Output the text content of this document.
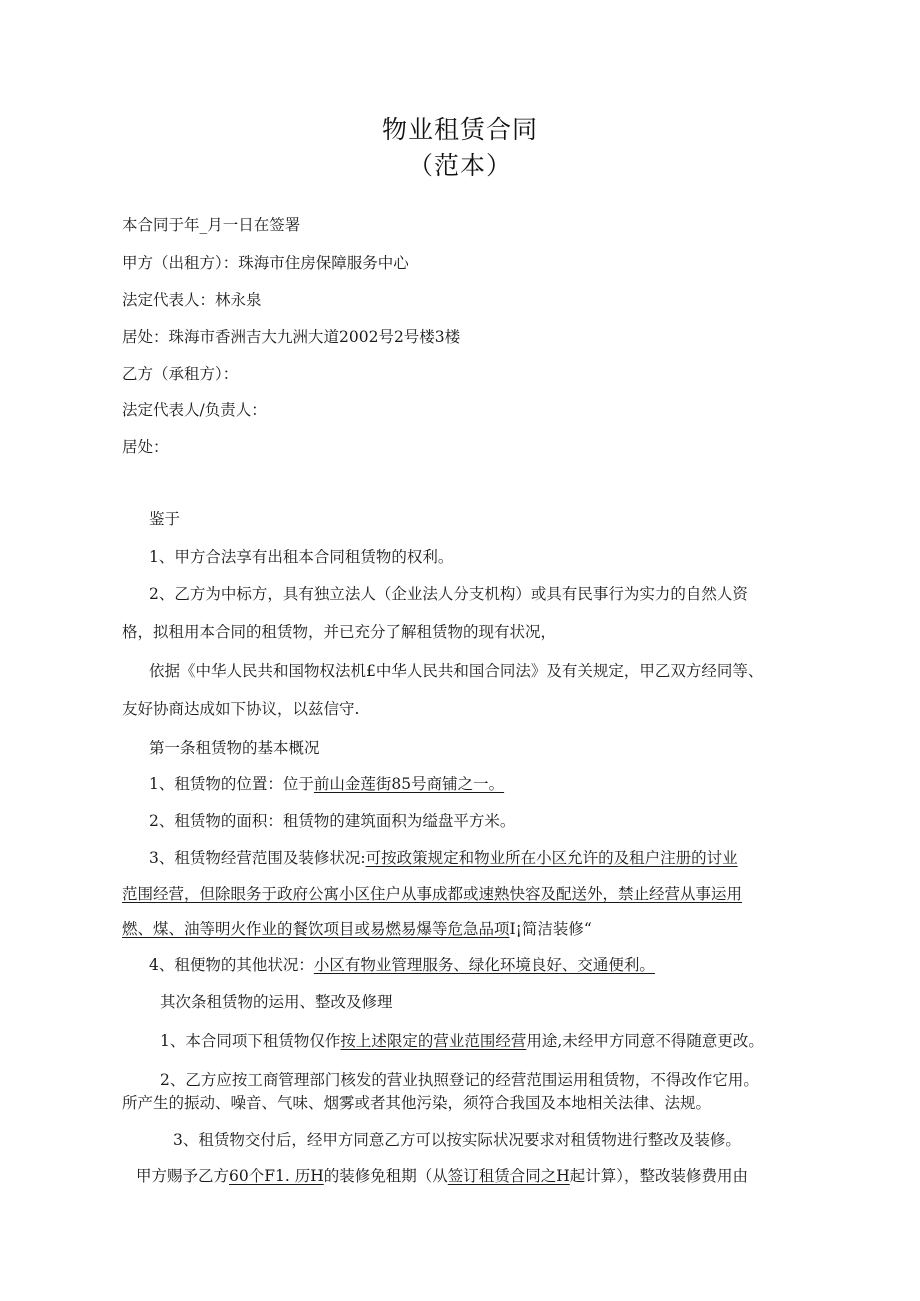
物业租赁合同
（范本）
本合同于年_月一日在签署
甲方（出租方）：珠海市住房保障服务中心
法定代表人：林永泉
居处：珠海市香洲吉大九洲大道2002号2号楼3楼
乙方（承租方）：
法定代表人/负责人：
居处：
鉴于
1、甲方合法享有出租本合同租赁物的权利。
2、乙方为中标方，具有独立法人（企业法人分支机构）或具有民事行为实力的自然人资
格，拟租用本合同的租赁物，并已充分了解租赁物的现有状况，
依据《中华人民共和国物权法机£中华人民共和国合同法》及有关规定，甲乙双方经同等、
友好协商达成如下协议，以兹信守.
第一条租赁物的基本概况
1、租赁物的位置：位于前山金莲街85号商铺之一。
2、租赁物的面积：租赁物的建筑面积为缢盘平方米。
3、租赁物经营范围及装修状况:可按政策规定和物业所在小区允许的及租户注册的讨业
范围经营，但除眼务于政府公寓小区住户从事成都或速熟快容及配送外，禁止经营从事运用
燃、煤、油等明火作业的餐饮项目或易燃易爆等危急品项I¡简洁装修“
4、租便物的其他状况：小区有物业管理服务、绿化环境良好、交通便利。
其次条租赁物的运用、整改及修理
1、本合同项下租赁物仅作按上述限定的营业范围经营用途,未经甲方同意不得随意更改。
2、乙方应按工商管理部门核发的营业执照登记的经营范围运用租赁物，不得改作它用。
所产生的振动、噪音、气味、烟雾或者其他污染，须符合我国及本地相关法律、法规。
3、租赁物交付后，经甲方同意乙方可以按实际状况要求对租赁物进行整改及装修。
甲方赐予乙方60个F1. 历H的装修免租期（从签订租赁合同之H起计算），整改装修费用由
